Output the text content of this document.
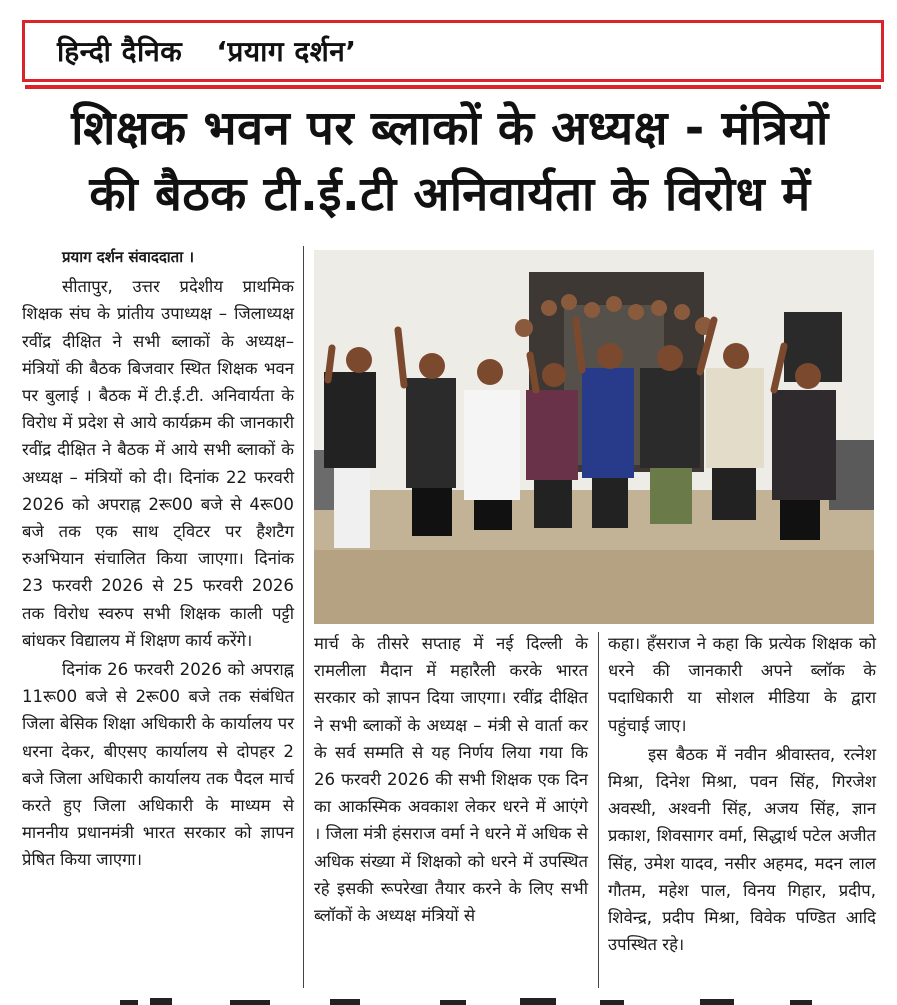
हिन्दी दैनिक ‘प्रयाग दर्शन’
शिक्षक भवन पर ब्लाकों के अध्यक्ष - मंत्रियों
की बैठक टी.ई.टी अनिवार्यता के विरोध में

प्रयाग दर्शन संवाददाता ।

सीतापुर, उत्तर प्रदेशीय प्राथमिक शिक्षक संघ के प्रांतीय उपाध्यक्ष – जिलाध्यक्ष रवींद्र दीक्षित ने सभी ब्लाकों के अध्यक्ष– मंत्रियों की बैठक बिजवार स्थित शिक्षक भवन पर बुलाई । बैठक में टी.ई.टी. अनिवार्यता के विरोध में प्रदेश से आये कार्यक्रम की जानकारी रवींद्र दीक्षित ने बैठक में आये सभी ब्लाकों के अध्यक्ष – मंत्रियों को दी। दिनांक 22 फरवरी 2026 को अपराह्न 2रू00 बजे से 4रू00 बजे तक एक साथ ट्विटर पर हैशटैग रुअभियान संचालित किया जाएगा। दिनांक 23 फरवरी 2026 से 25 फरवरी 2026 तक विरोध स्वरुप सभी शिक्षक काली पट्टी बांधकर विद्यालय में शिक्षण कार्य करेंगे।

दिनांक 26 फरवरी 2026 को अपराह्न 11रू00 बजे से 2रू00 बजे तक संबंधित जिला बेसिक शिक्षा अधिकारी के कार्यालय पर धरना देकर, बीएसए कार्यालय से दोपहर 2 बजे जिला अधिकारी कार्यालय तक पैदल मार्च करते हुए जिला अधिकारी के माध्यम से माननीय प्रधानमंत्री भारत सरकार को ज्ञापन प्रेषित किया जाएगा।

मार्च के तीसरे सप्ताह में नई दिल्ली के रामलीला मैदान में महारैली करके भारत सरकार को ज्ञापन दिया जाएगा। रवींद्र दीक्षित ने सभी ब्लाकों के अध्यक्ष – मंत्री से वार्ता कर के सर्व सम्मति से यह निर्णय लिया गया कि 26 फरवरी 2026 की सभी शिक्षक एक दिन का आकस्मिक अवकाश लेकर धरने में आएंगे । जिला मंत्री हंसराज वर्मा ने धरने में अधिक से अधिक संख्या में शिक्षको को धरने में उपस्थित रहे इसकी रूपरेखा तैयार करने के लिए सभी ब्लॉकों के अध्यक्ष मंत्रियों से

कहा। हँसराज ने कहा कि प्रत्येक शिक्षक को धरने की जानकारी अपने ब्लॉक के पदाधिकारी या सोशल मीडिया के द्वारा पहुंचाई जाए।

इस बैठक में नवीन श्रीवास्तव, रत्नेश मिश्रा, दिनेश मिश्रा, पवन सिंह, गिरजेश अवस्थी, अश्वनी सिंह, अजय सिंह, ज्ञान प्रकाश, शिवसागर वर्मा, सिद्धार्थ पटेल अजीत सिंह, उमेश यादव, नसीर अहमद, मदन लाल गौतम, महेश पाल, विनय गिहार, प्रदीप, शिवेन्द्र, प्रदीप मिश्रा, विवेक पण्डित आदि उपस्थित रहे।
